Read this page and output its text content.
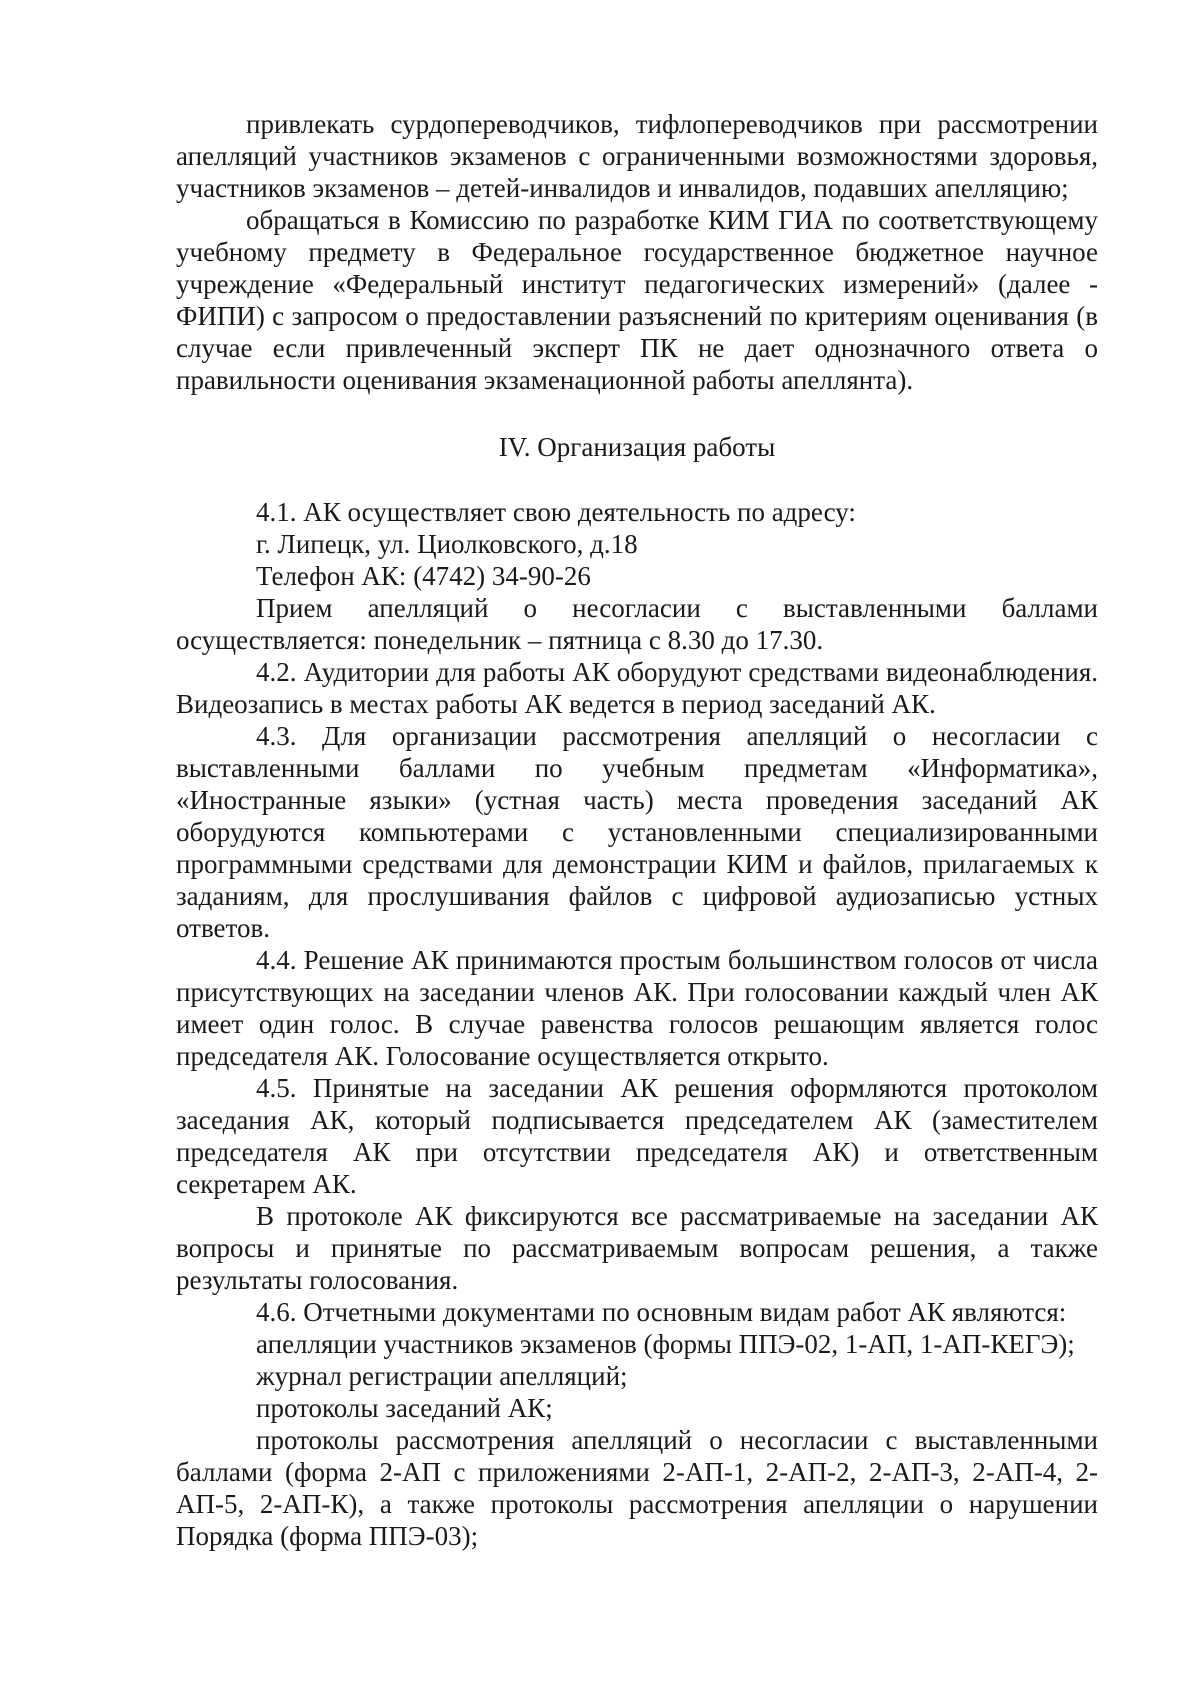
привлекать сурдопереводчиков, тифлопереводчиков при рассмотрении апелляций участников экзаменов с ограниченными возможностями здоровья, участников экзаменов – детей-инвалидов и инвалидов, подавших апелляцию;

обращаться в Комиссию по разработке КИМ ГИА по соответствующему учебному предмету в Федеральное государственное бюджетное научное учреждение «Федеральный институт педагогических измерений» (далее - ФИПИ) с запросом о предоставлении разъяснений по критериям оценивания (в случае если привлеченный эксперт ПК не дает однозначного ответа о правильности оценивания экзаменационной работы апеллянта).

IV. Организация работы

4.1. АК осуществляет свою деятельность по адресу:

г. Липецк, ул. Циолковского, д.18

Телефон АК: (4742) 34-90-26

Прием апелляций о несогласии с выставленными баллами осуществляется: понедельник – пятница с 8.30 до 17.30.

4.2. Аудитории для работы АК оборудуют средствами видеонаблюдения. Видеозапись в местах работы АК ведется в период заседаний АК.

4.3. Для организации рассмотрения апелляций о несогласии с выставленными баллами по учебным предметам «Информатика», «Иностранные языки» (устная часть) места проведения заседаний АК оборудуются компьютерами с установленными специализированными программными средствами для демонстрации КИМ и файлов, прилагаемых к заданиям, для прослушивания файлов с цифровой аудиозаписью устных ответов.

4.4. Решение АК принимаются простым большинством голосов от числа присутствующих на заседании членов АК. При голосовании каждый член АК имеет один голос. В случае равенства голосов решающим является голос председателя АК. Голосование осуществляется открыто.

4.5. Принятые на заседании АК решения оформляются протоколом заседания АК, который подписывается председателем АК (заместителем председателя АК при отсутствии председателя АК) и ответственным секретарем АК.

В протоколе АК фиксируются все рассматриваемые на заседании АК вопросы и принятые по рассматриваемым вопросам решения, а также результаты голосования.

4.6. Отчетными документами по основным видам работ АК являются:

апелляции участников экзаменов (формы ППЭ-02, 1-АП, 1-АП-КЕГЭ);

журнал регистрации апелляций;

протоколы заседаний АК;

протоколы рассмотрения апелляций о несогласии с выставленными баллами (форма 2-АП с приложениями 2-АП-1, 2-АП-2, 2-АП-3, 2-АП-4, 2-АП-5, 2-АП-К), а также протоколы рассмотрения апелляции о нарушении Порядка (форма ППЭ-03);
